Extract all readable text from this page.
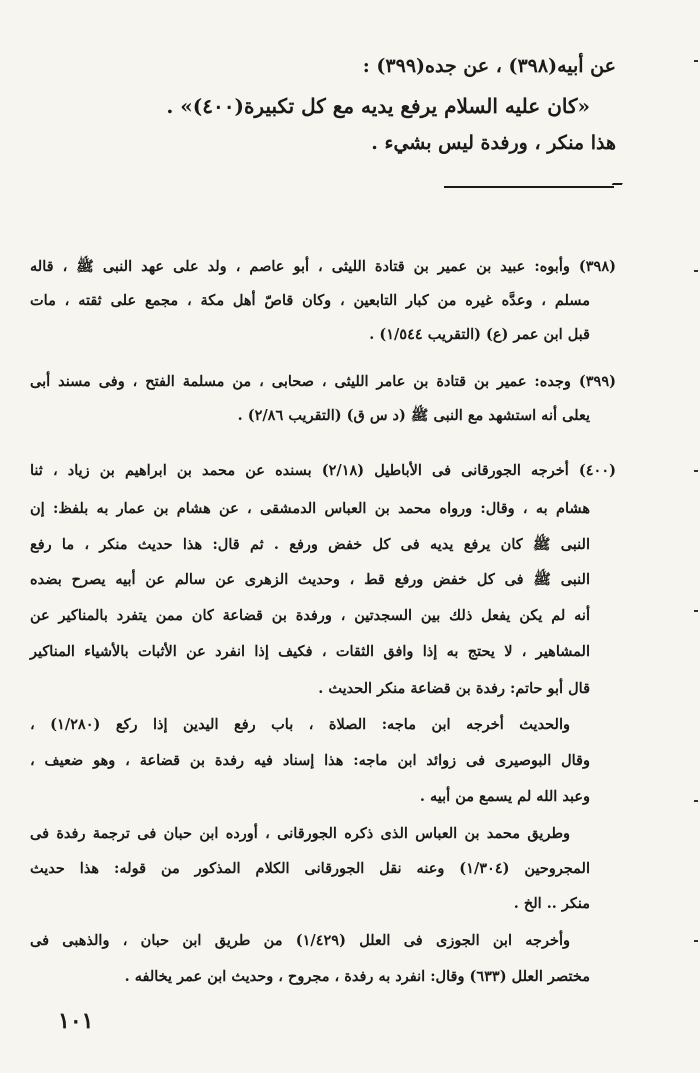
عن أبيه(٣٩٨) ، عن جده(٣٩٩) :
«كان عليه السلام يرفع يديه مع كل تكبيرة(٤٠٠)» .
هذا منكر ، ورفدة ليس بشيء .
(٣٩٨) وأبوه: عبيد بن عمير بن قتادة الليثى ، أبو عاصم ، ولد على عهد النبى ﷺ ، قاله
مسلم ، وعدَّه غيره من كبار التابعين ، وكان قاصّ أهل مكة ، مجمع على ثقته ، مات
قبل ابن عمر (ع) (التقريب ١/٥٤٤) .
(٣٩٩) وجده: عمير بن قتادة بن عامر الليثى ، صحابى ، من مسلمة الفتح ، وفى مسند أبى
يعلى أنه استشهد مع النبى ﷺ (د س ق) (التقريب ٢/٨٦) .
(٤٠٠) أخرجه الجورقانى فى الأباطيل (٢/١٨) بسنده عن محمد بن ابراهيم بن زياد ، ثنا
هشام به ، وقال: ورواه محمد بن العباس الدمشقى ، عن هشام بن عمار به بلفظ: إن
النبى ﷺ كان يرفع يديه فى كل خفض ورفع . ثم قال: هذا حديث منكر ، ما رفع
النبى ﷺ فى كل خفض ورفع قط ، وحديث الزهرى عن سالم عن أبيه يصرح بضده
أنه لم يكن يفعل ذلك بين السجدتين ، ورفدة بن قضاعة كان ممن يتفرد بالمناكير عن
المشاهير ، لا يحتج به إذا وافق الثقات ، فكيف إذا انفرد عن الأثبات بالأشياء المناكير
قال أبو حاتم: رفدة بن قضاعة منكر الحديث .
والحديث أخرجه ابن ماجه: الصلاة ، باب رفع اليدين إذا ركع (١/٢٨٠) ،
وقال البوصيرى فى زوائد ابن ماجه: هذا إسناد فيه رفدة بن قضاعة ، وهو ضعيف ،
وعبد الله لم يسمع من أبيه .
وطريق محمد بن العباس الذى ذكره الجورقانى ، أورده ابن حبان فى ترجمة رفدة فى
المجروحين (١/٣٠٤) وعنه نقل الجورقانى الكلام المذكور من قوله: هذا حديث
منكر .. الخ .
وأخرجه ابن الجوزى فى العلل (١/٤٢٩) من طريق ابن حبان ، والذهبى فى
مختصر العلل (٦٣٣) وقال: انفرد به رفدة ، مجروح ، وحديث ابن عمر يخالفه .
١٠١
